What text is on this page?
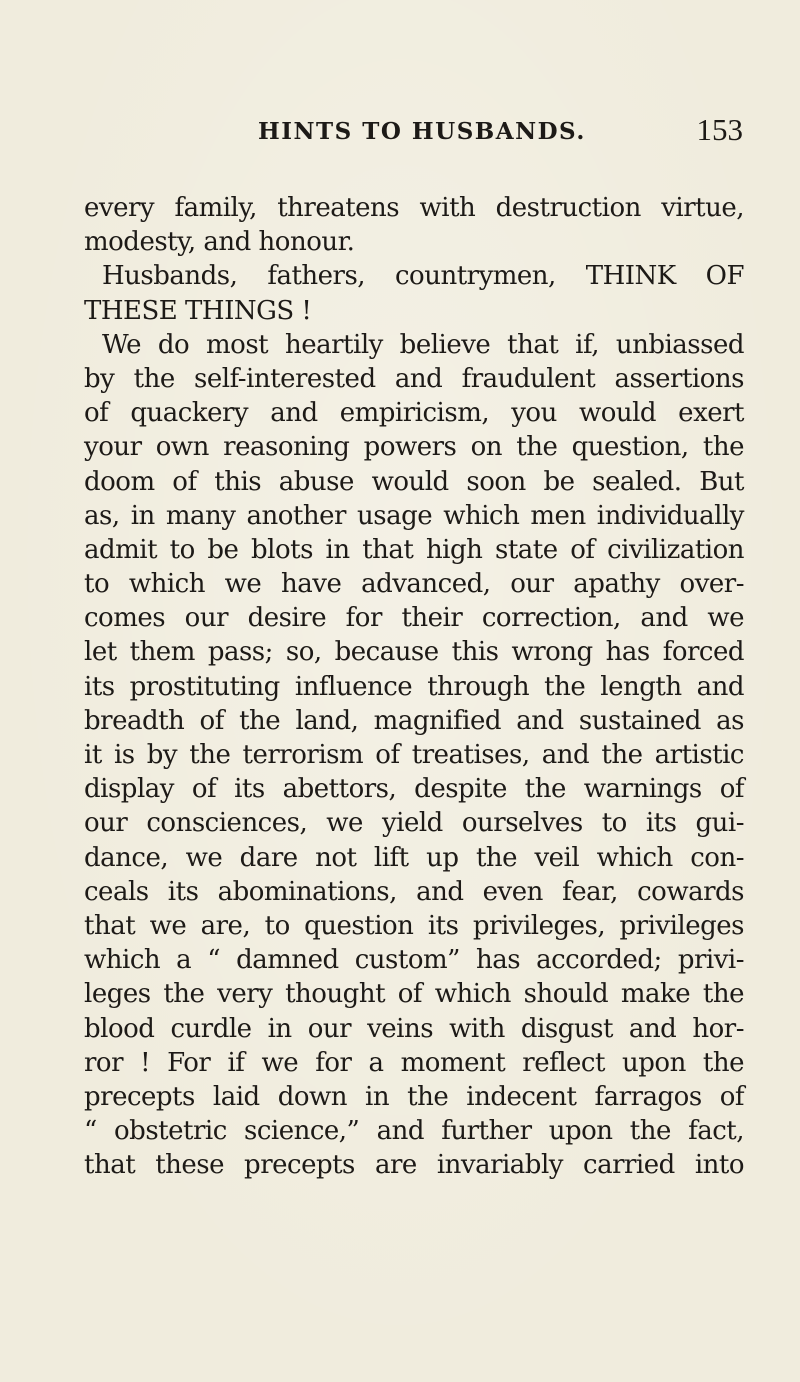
HINTS TO HUSBANDS.	153
every family, threatens with destruction virtue,
modesty, and honour.
Husbands, fathers, countrymen, THINK OF
THESE THINGS !
We do most heartily believe that if, unbiassed
by the self-interested and fraudulent assertions
of quackery and empiricism, you would exert
your own reasoning powers on the question, the
doom of this abuse would soon be sealed. But
as, in many another usage which men individually
admit to be blots in that high state of civilization
to which we have advanced, our apathy over-
comes our desire for their correction, and we
let them pass; so, because this wrong has forced
its prostituting influence through the length and
breadth of the land, magnified and sustained as
it is by the terrorism of treatises, and the artistic
display of its abettors, despite the warnings of
our consciences, we yield ourselves to its gui-
dance, we dare not lift up the veil which con-
ceals its abominations, and even fear, cowards
that we are, to question its privileges, privileges
which a “ damned custom” has accorded; privi-
leges the very thought of which should make the
blood curdle in our veins with disgust and hor-
ror ! For if we for a moment reflect upon the
precepts laid down in the indecent farragos of
“ obstetric science,” and further upon the fact,
that these precepts are invariably carried into
